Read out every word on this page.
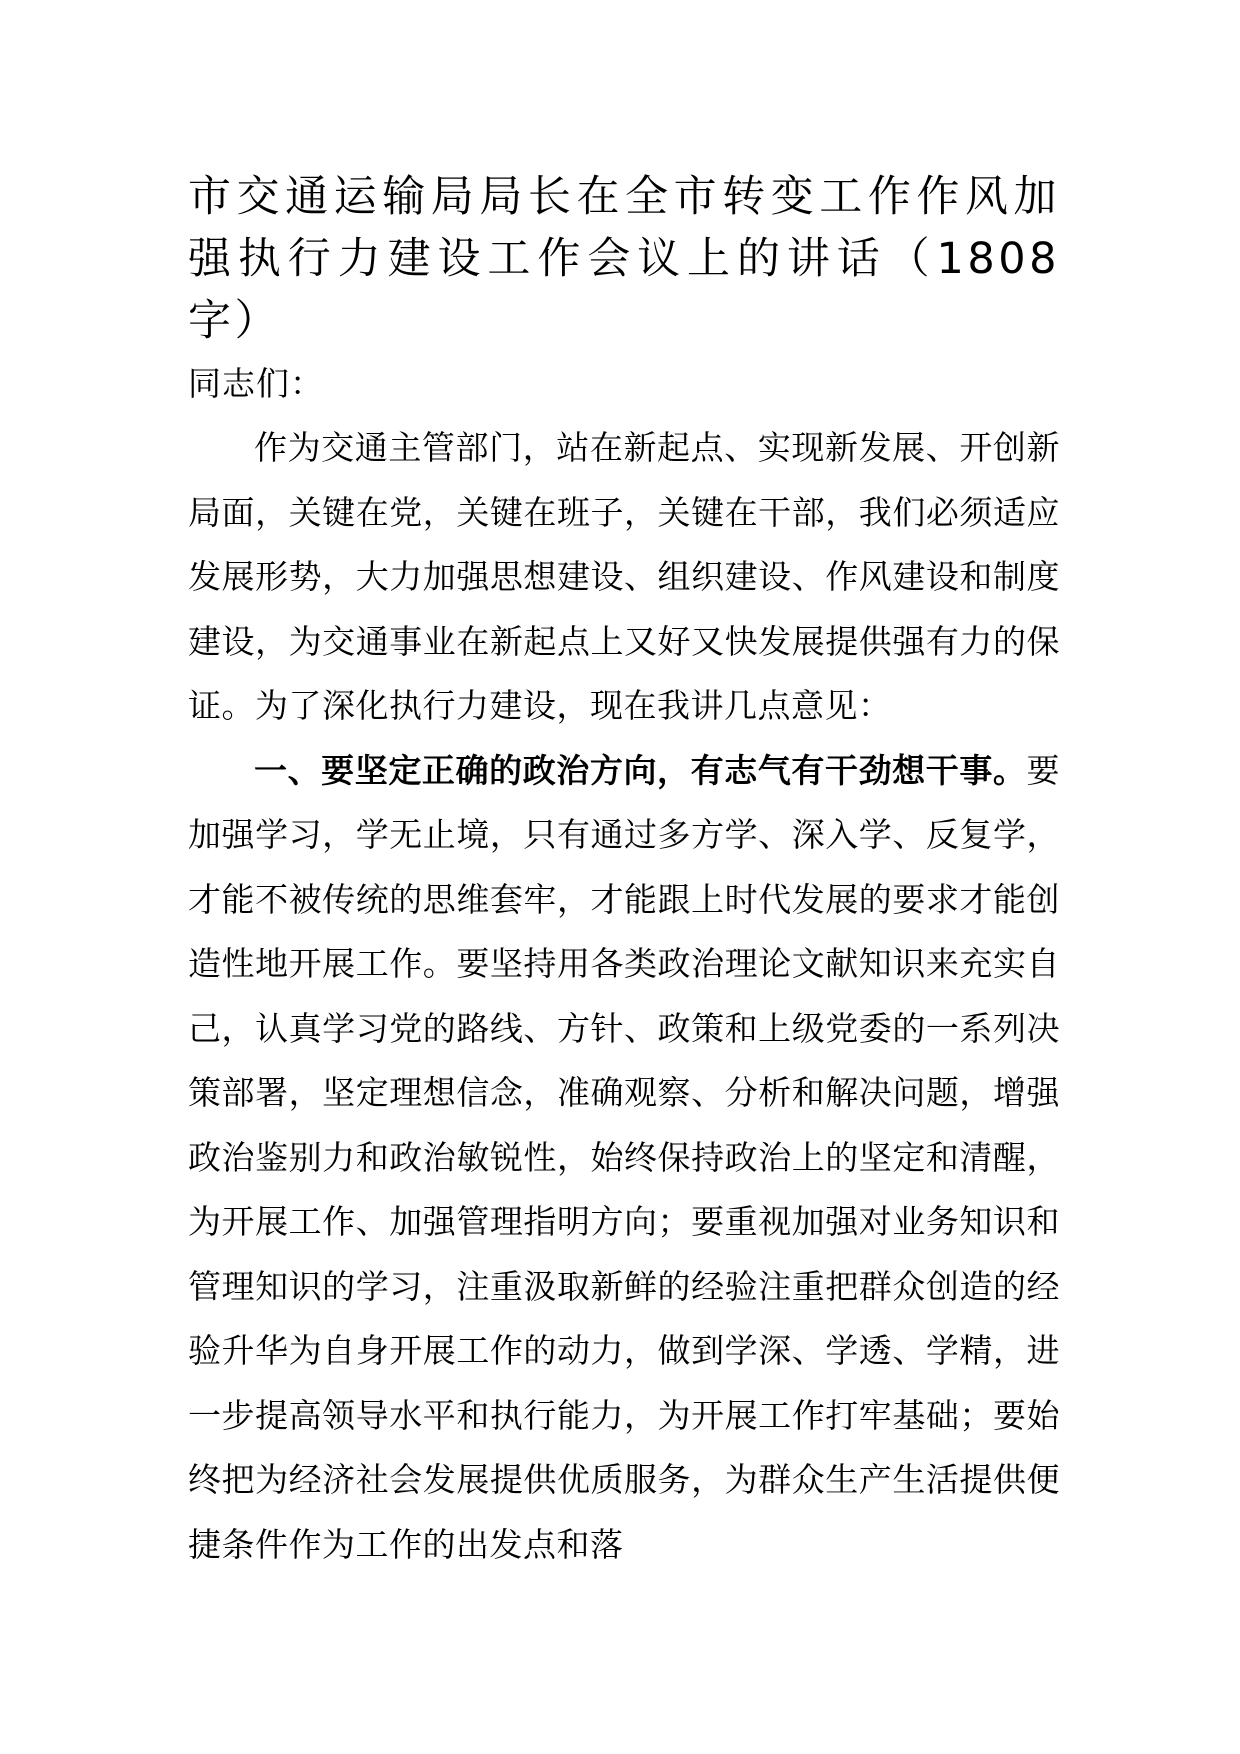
市交通运输局局长在全市转变工作作风加强执行力建设工作会议上的讲话（1808字）

同志们：

作为交通主管部门，站在新起点、实现新发展、开创新局面，关键在党，关键在班子，关键在干部，我们必须适应发展形势，大力加强思想建设、组织建设、作风建设和制度建设，为交通事业在新起点上又好又快发展提供强有力的保证。为了深化执行力建设，现在我讲几点意见：

一、要坚定正确的政治方向，有志气有干劲想干事。要加强学习，学无止境，只有通过多方学、深入学、反复学，才能不被传统的思维套牢，才能跟上时代发展的要求才能创造性地开展工作。要坚持用各类政治理论文献知识来充实自己，认真学习党的路线、方针、政策和上级党委的一系列决策部署，坚定理想信念，准确观察、分析和解决问题，增强政治鉴别力和政治敏锐性，始终保持政治上的坚定和清醒，为开展工作、加强管理指明方向；要重视加强对业务知识和管理知识的学习，注重汲取新鲜的经验注重把群众创造的经验升华为自身开展工作的动力，做到学深、学透、学精，进一步提高领导水平和执行能力，为开展工作打牢基础；要始终把为经济社会发展提供优质服务，为群众生产生活提供便捷条件作为工作的出发点和落
